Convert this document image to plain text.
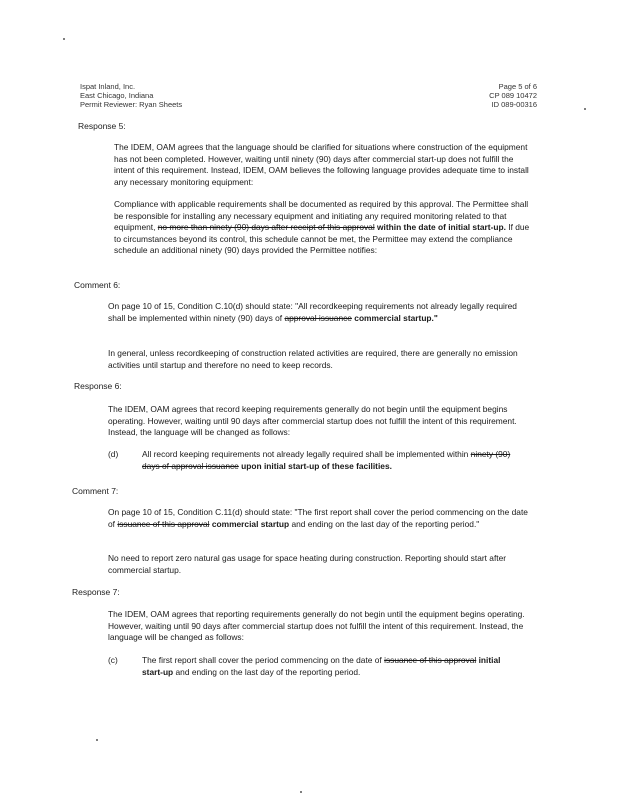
Ispat Inland, Inc.
East Chicago, Indiana
Permit Reviewer: Ryan Sheets
Page 5 of 6
CP 089 10472
ID 089-00316
Response 5:
The IDEM, OAM agrees that the language should be clarified for situations where construction of the equipment has not been completed. However, waiting until ninety (90) days after commercial start-up does not fulfill the intent of this requirement. Instead, IDEM, OAM believes the following language provides adequate time to install any necessary monitoring equipment:
Compliance with applicable requirements shall be documented as required by this approval. The Permittee shall be responsible for installing any necessary equipment and initiating any required monitoring related to that equipment, no more than ninety (90) days after receipt of this approval within the date of initial start-up. If due to circumstances beyond its control, this schedule cannot be met, the Permittee may extend the compliance schedule an additional ninety (90) days provided the Permittee notifies:
Comment 6:
On page 10 of 15, Condition C.10(d) should state: "All recordkeeping requirements not already legally required shall be implemented within ninety (90) days of approval issuance commercial startup."
In general, unless recordkeeping of construction related activities are required, there are generally no emission activities until startup and therefore no need to keep records.
Response 6:
The IDEM, OAM agrees that record keeping requirements generally do not begin until the equipment begins operating. However, waiting until 90 days after commercial startup does not fulfill the intent of this requirement. Instead, the language will be changed as follows:
(d)	All record keeping requirements not already legally required shall be implemented within ninety (90) days of approval issuance upon initial start-up of these facilities.
Comment 7:
On page 10 of 15, Condition C.11(d) should state: "The first report shall cover the period commencing on the date of issuance of this approval commercial startup and ending on the last day of the reporting period."
No need to report zero natural gas usage for space heating during construction. Reporting should start after commercial startup.
Response 7:
The IDEM, OAM agrees that reporting requirements generally do not begin until the equipment begins operating. However, waiting until 90 days after commercial startup does not fulfill the intent of this requirement. Instead, the language will be changed as follows:
(c)	The first report shall cover the period commencing on the date of issuance of this approval initial start-up and ending on the last day of the reporting period.
